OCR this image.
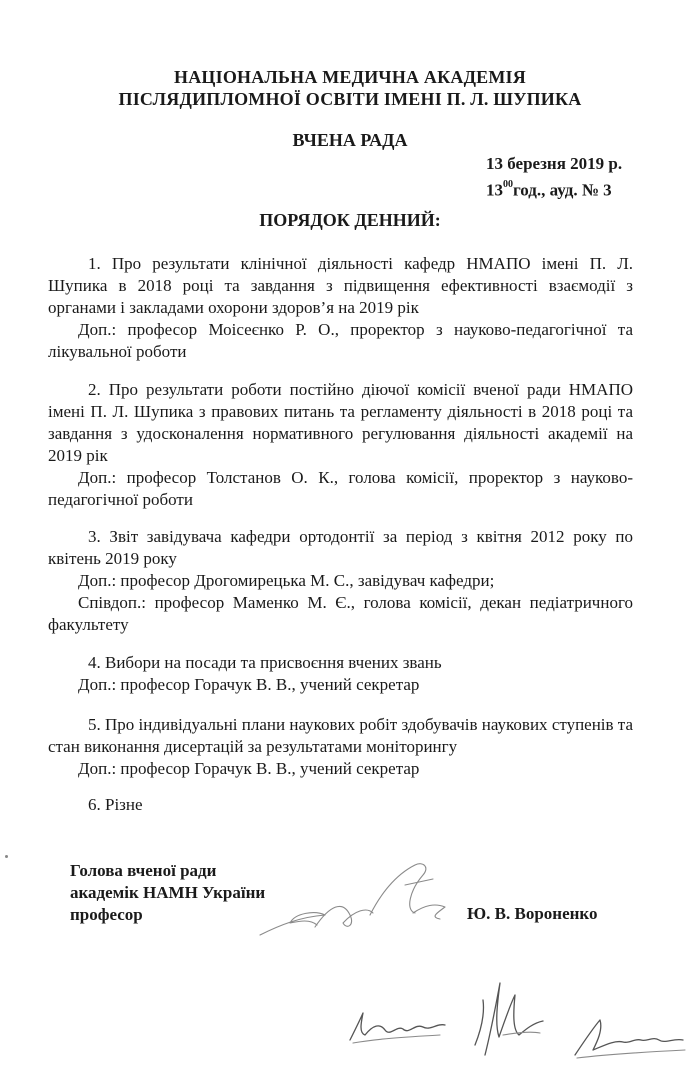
НАЦІОНАЛЬНА МЕДИЧНА АКАДЕМІЯ
ПІСЛЯДИПЛОМНОЇ ОСВІТИ ІМЕНІ П. Л. ШУПИКА
ВЧЕНА РАДА
13 березня 2019 р.
$13^{00}год$., ауд. № 3
ПОРЯДОК ДЕННИЙ:

1. Про результати клінічної діяльності кафедр НМАПО імені П. Л. Шупика в 2018 році та завдання з підвищення ефективності взаємодії з органами і закладами охорони здоров’я на 2019 рік

Доп.: професор Моісеєнко Р. О., проректор з науково-педагогічної та лікувальної роботи

2. Про результати роботи постійно діючої комісії вченої ради НМАПО імені П. Л. Шупика з правових питань та регламенту діяльності в 2018 році та завдання з удосконалення нормативного регулювання діяльності академії на 2019 рік

Доп.: професор Толстанов О. К., голова комісії, проректор з науково-педагогічної роботи

3. Звіт завідувача кафедри ортодонтії за період з квітня 2012 року по квітень 2019 року

Доп.: професор Дрогомирецька М. С., завідувач кафедри;

Співдоп.: професор Маменко М. Є., голова комісії, декан педіатричного факультету

4. Вибори на посади та присвоєння вчених звань

Доп.: професор Горачук В. В., учений секретар

5. Про індивідуальні плани наукових робіт здобувачів наукових ступенів та стан виконання дисертацій за результатами моніторингу

Доп.: професор Горачук В. В., учений секретар

6. Різне

Голова вченої ради
академік НАМН України
професор	Ю. В. Вороненко
